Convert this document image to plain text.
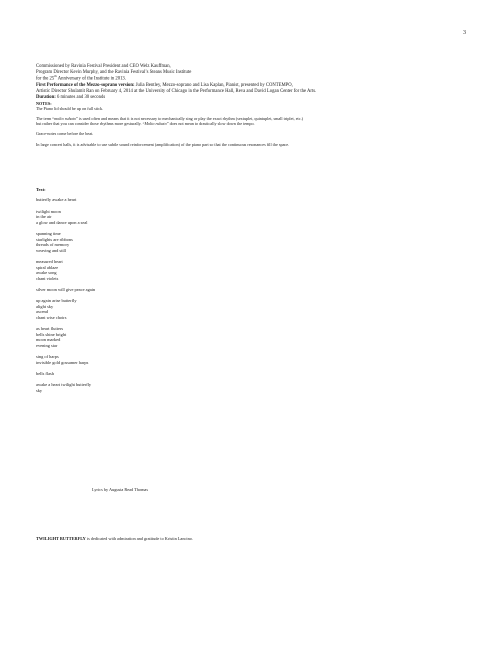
3

Commissioned by Ravinia Festival President and CEO Welz Kauffman,
Program Director Kevin Murphy, and the Ravinia Festival’s Steans Music Institute
for the 25th Anniversary of the Institute in 2013.

First Performance of the Mezzo-soprano version: Julia Bentley, Mezzo-soprano and Lisa Kaplan, Pianist, presented by CONTEMPO,
Artistic Director Shulamit Ran on February 4, 2014 at the University of Chicago in the Performance Hall, Reva and David Logan Center for the Arts.

Duration: 6 minutes and 30 seconds

NOTES:

The Piano lid should be up on full stick.

The term “molto rubato” is used often and means that it is not necessary to mechanically sing or play the exact rhythm (sextuplet, quintuplet, small triplet, etc.)
but rather that you can consider those rhythms more gesturally. “Molto rubato” does not mean to drastically slow down the tempo.

Grace-notes come before the beat.

In large concert halls, it is advisable to use subtle sound reinforcement (amplification) of the piano part so that the continuous resonances fill the space.

Text:
butterfly awake a heart
twilight moon
in the air
a glow and dance upon a seal
spanning time
starlights are ribbons
threads of memory
weaving and still
measured heart
spiral ablaze
awake song
chant violets
silver moon will give peace again
up again arise butterfly
alight sky
ascend
chant wise choirs
as heart flutters
bells shine bright
moon marked
evening star
sing of harps
invisible gold gossamer harps
bells flash
awake a heart twilight butterfly
sky
Lyrics by Augusta Read Thomas
TWILIGHT BUTTERFLY is dedicated with admiration and gratitude to Kristin Lancino.
